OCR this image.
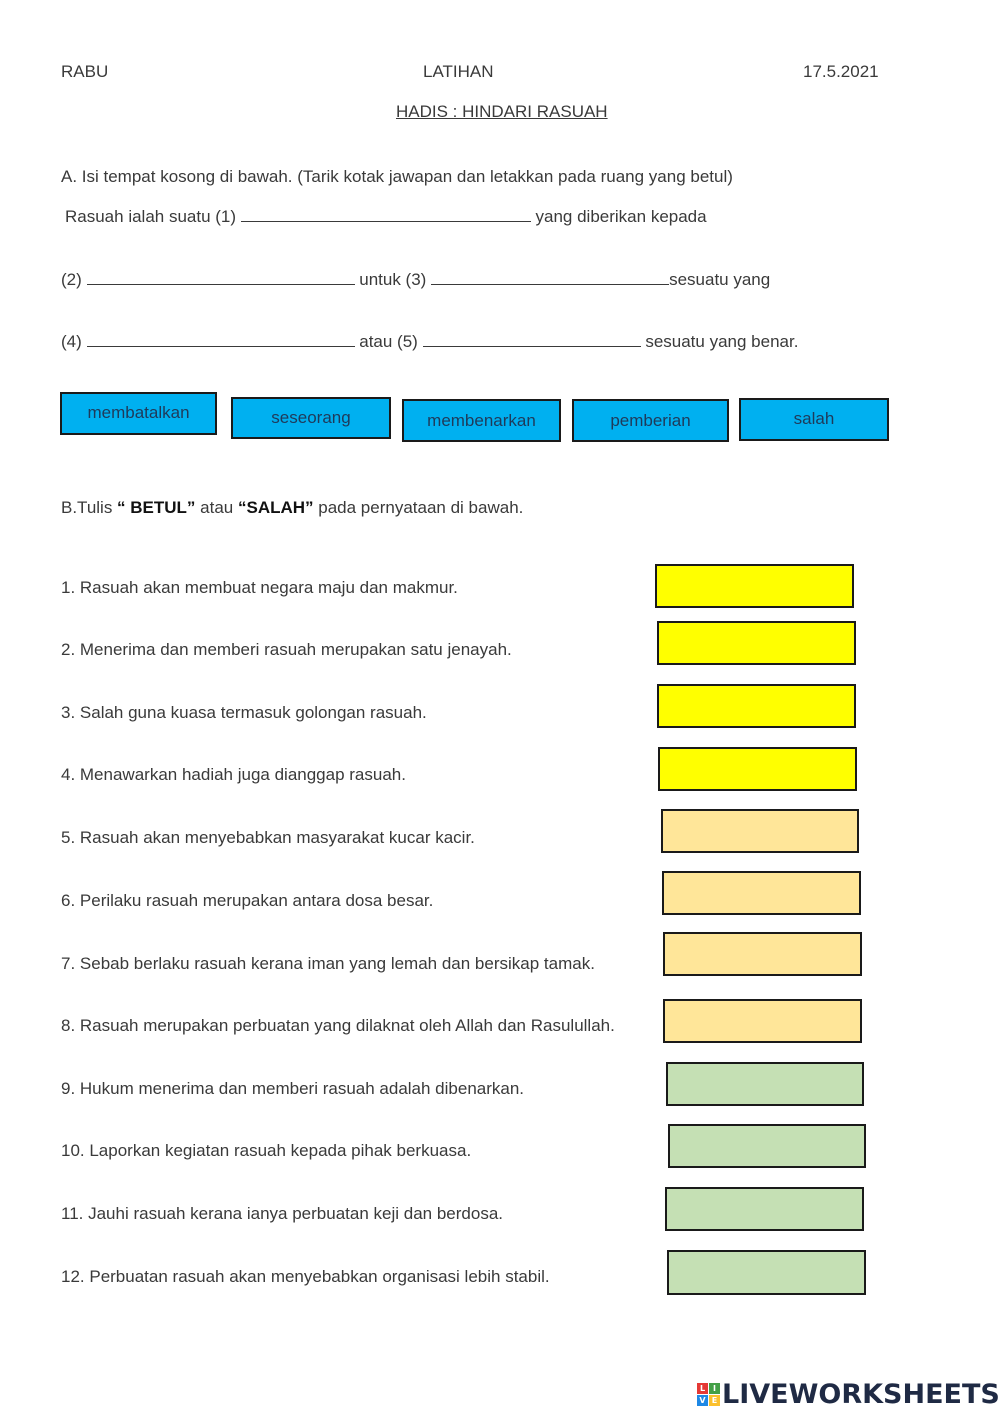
RABU	LATIHAN	17.5.2021
HADIS : HINDARI RASUAH
A. Isi tempat kosong di bawah. (Tarik kotak jawapan dan letakkan pada ruang yang betul)
Rasuah ialah suatu (1)	yang diberikan kepada
(2)	untuk (3)	sesuatu yang
(4)	atau (5)	sesuatu yang benar.
membatalkan	seseorang	membenarkan	pemberian	salah
B.Tulis “ BETUL” atau “SALAH” pada pernyataan di bawah.
1. Rasuah akan membuat negara maju dan makmur.
2. Menerima dan memberi rasuah merupakan satu jenayah.
3. Salah guna kuasa termasuk golongan rasuah.
4. Menawarkan hadiah juga dianggap rasuah.
5. Rasuah akan menyebabkan masyarakat kucar kacir.
6. Perilaku rasuah merupakan antara dosa besar.
7. Sebab berlaku rasuah kerana iman yang lemah dan bersikap tamak.
8. Rasuah merupakan perbuatan yang dilaknat oleh Allah dan Rasulullah.
9. Hukum menerima dan memberi rasuah adalah dibenarkan.
10. Laporkan kegiatan rasuah kepada pihak berkuasa.
11. Jauhi rasuah kerana ianya perbuatan keji dan berdosa.
12. Perbuatan rasuah akan menyebabkan organisasi lebih stabil.
L I
V E LIVEWORKSHEETS
